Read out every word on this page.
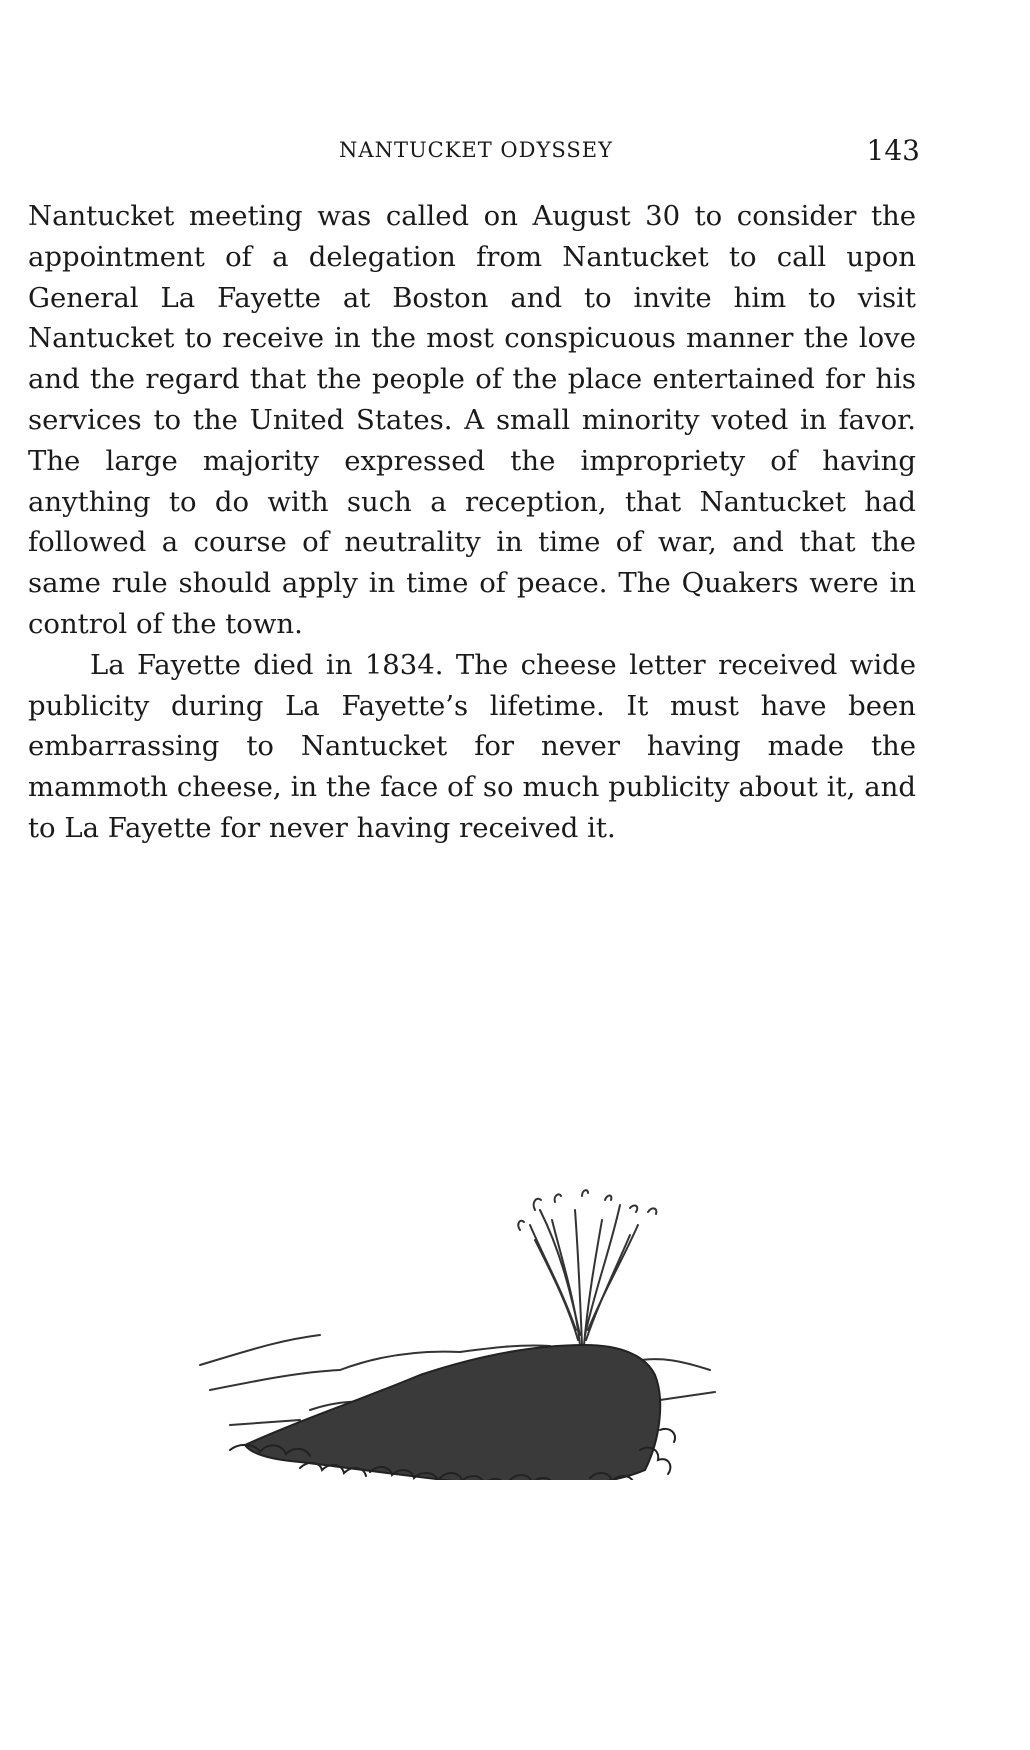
NANTUCKET ODYSSEY	143

Nantucket meeting was called on August 30 to consider the appointment of a delegation from Nantucket to call upon General La Fayette at Boston and to invite him to visit Nantucket to receive in the most conspicuous manner the love and the regard that the people of the place entertained for his services to the United States. A small minority voted in favor. The large majority expressed the impropriety of having anything to do with such a reception, that Nantucket had followed a course of neutrality in time of war, and that the same rule should apply in time of peace. The Quakers were in control of the town.

La Fayette died in 1834. The cheese letter received wide publicity during La Fayette’s lifetime. It must have been embarrassing to Nantucket for never having made the mammoth cheese, in the face of so much publicity about it, and to La Fayette for never having received it.
